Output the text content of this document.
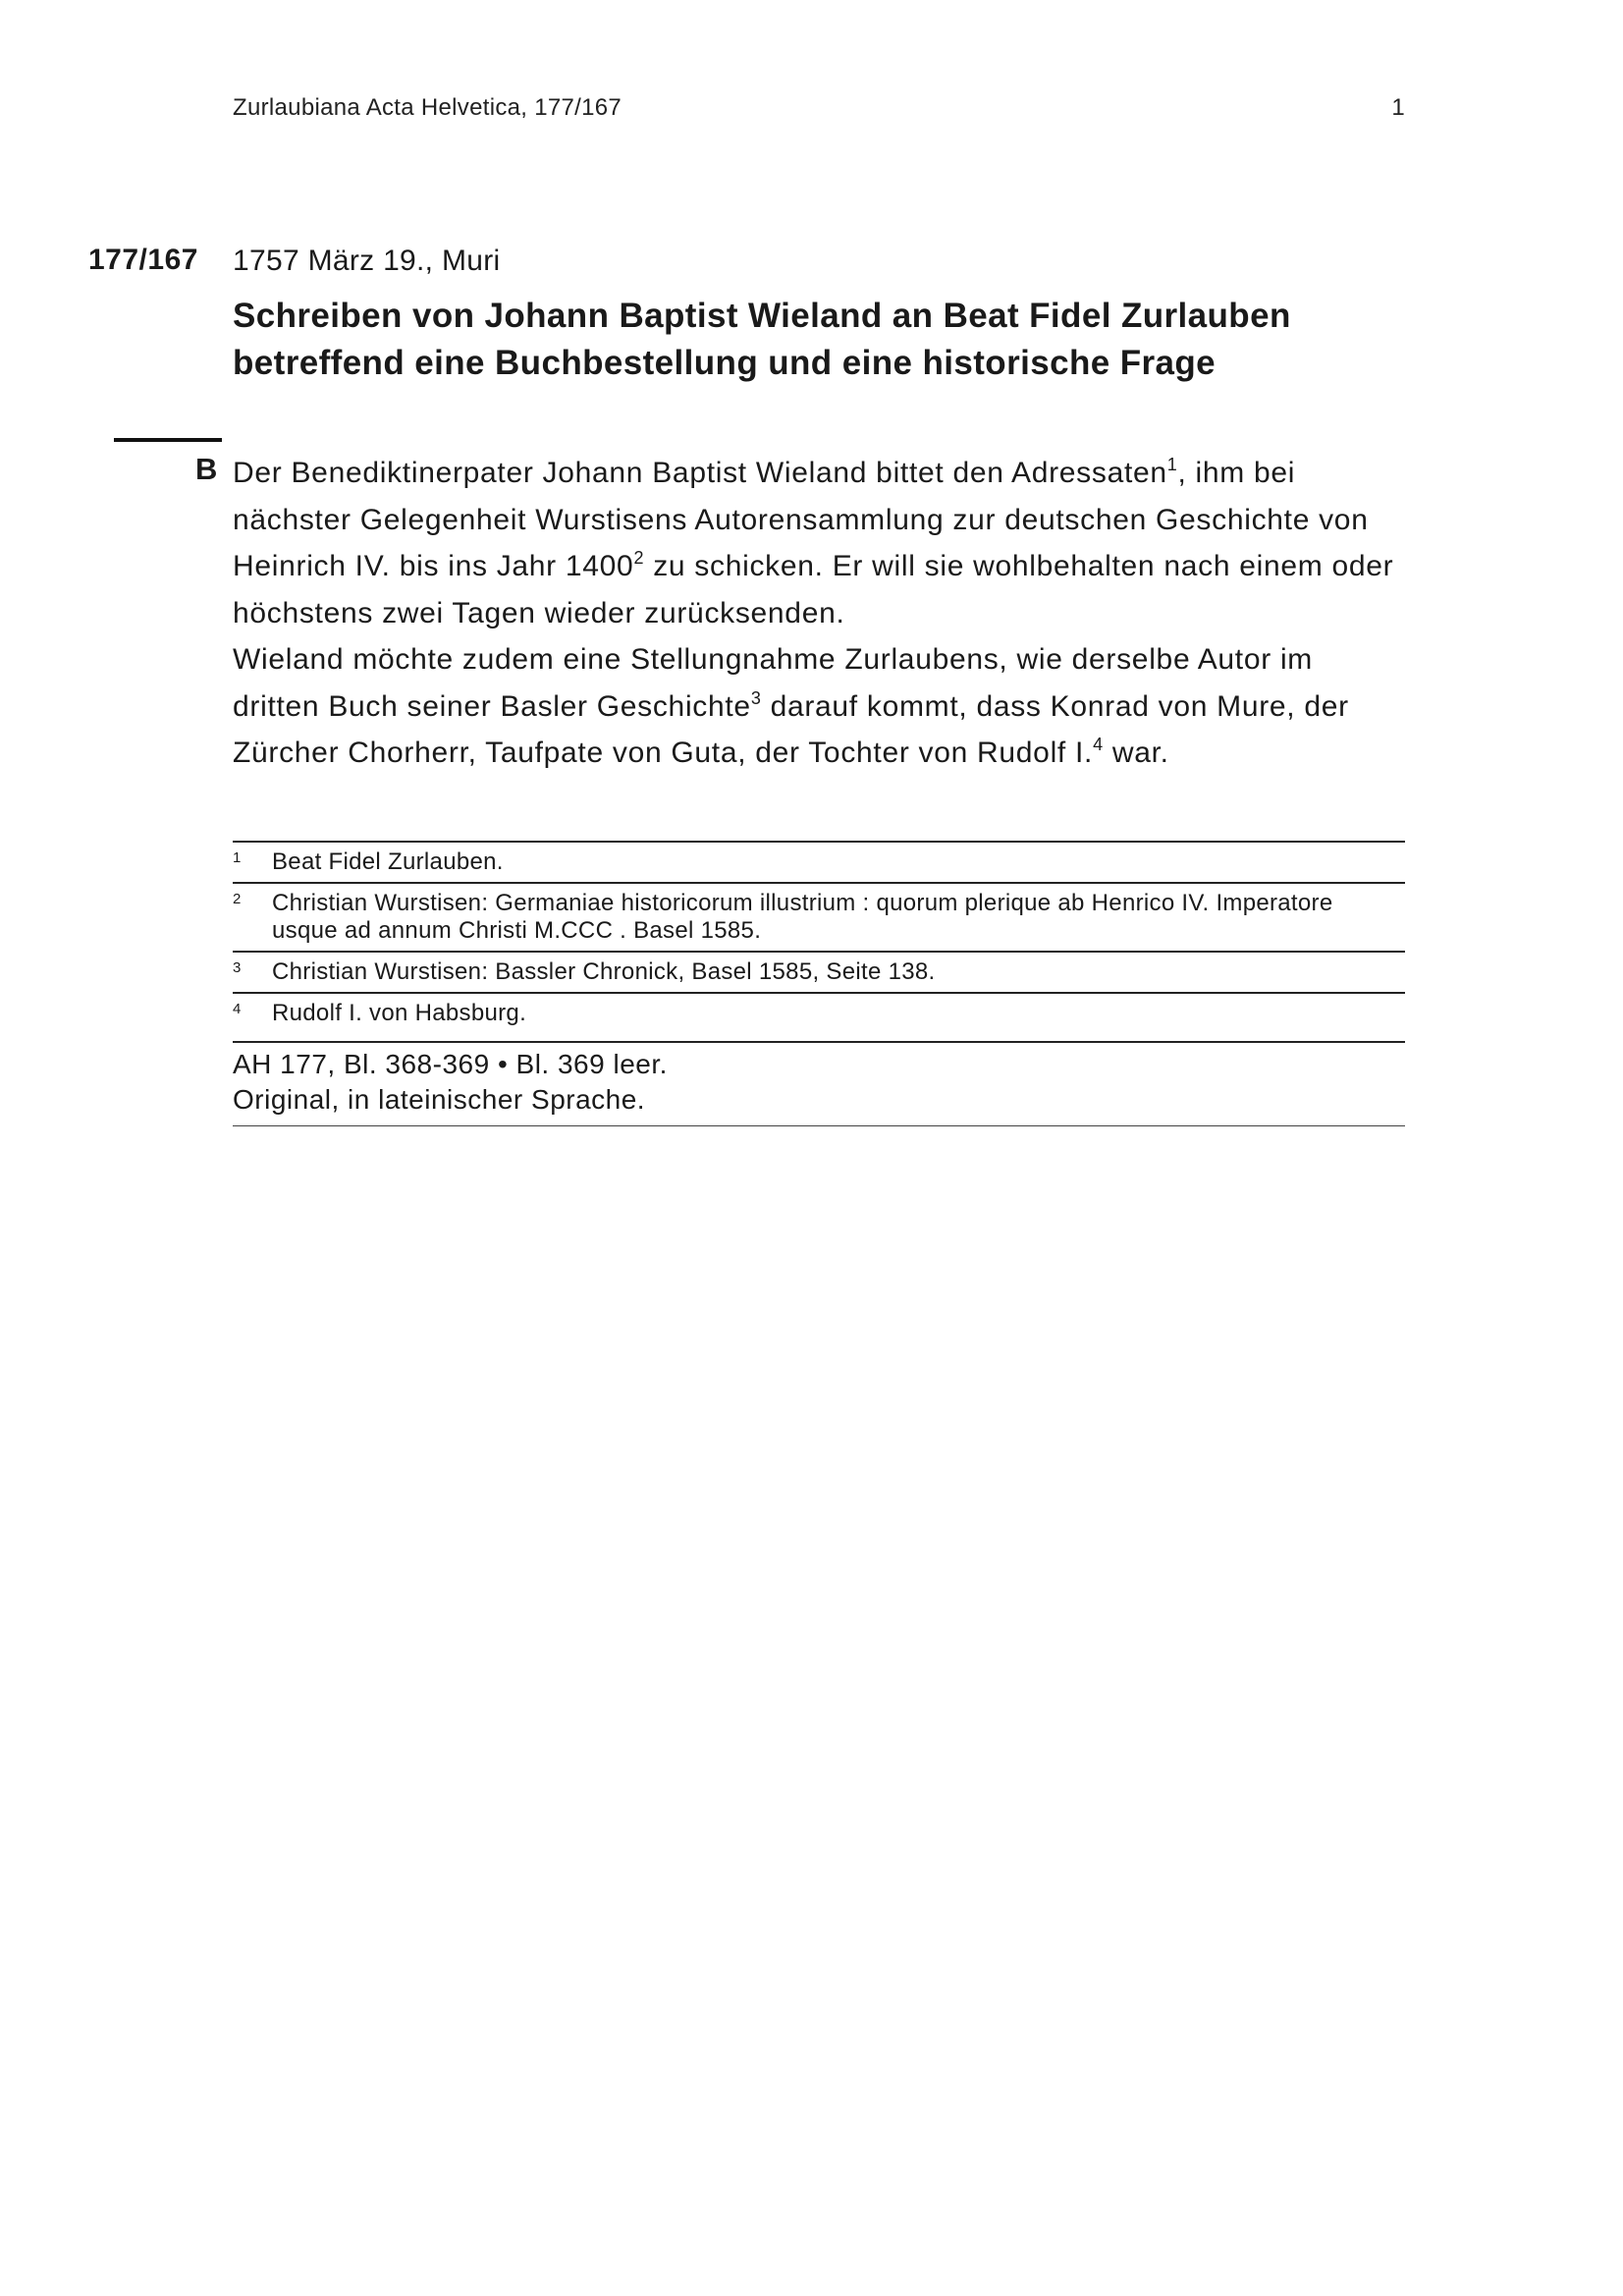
Zurlaubiana Acta Helvetica, 177/167	1
177/167 1757 März 19., Muri
Schreiben von Johann Baptist Wieland an Beat Fidel Zurlauben betreffend eine Buchbestellung und eine historische Frage
B Der Benediktinerpater Johann Baptist Wieland bittet den Adressaten$^1$, ihm bei nächster Gelegenheit Wurstisens Autorensammlung zur deutschen Geschichte von Heinrich IV. bis ins Jahr 1400$^2$ zu schicken. Er will sie wohlbehalten nach einem oder höchstens zwei Tagen wieder zurücksenden.

Wieland möchte zudem eine Stellungnahme Zurlaubens, wie derselbe Autor im dritten Buch seiner Basler Geschichte$^3$ darauf kommt, dass Konrad von Mure, der Zürcher Chorherr, Taufpate von Guta, der Tochter von Rudolf I.$^4$ war.

1 Beat Fidel Zurlauben.
2 Christian Wurstisen: Germaniae historicorum illustrium : quorum plerique ab Henrico IV. Imperatore usque ad annum Christi M.CCC . Basel 1585.
3 Christian Wurstisen: Bassler Chronick, Basel 1585, Seite 138.
4 Rudolf I. von Habsburg.
AH 177, Bl. 368-369 • Bl. 369 leer.
Original, in lateinischer Sprache.
